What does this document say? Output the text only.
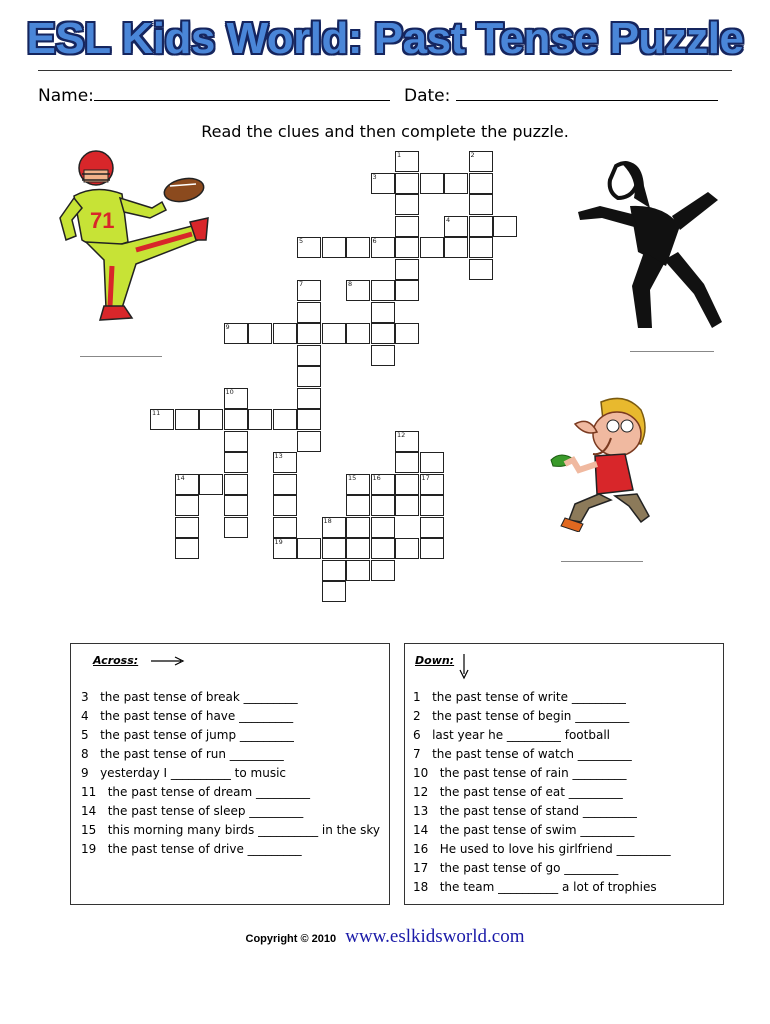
ESL Kids World: Past Tense Puzzle
Name:	Date:
Read the clues and then complete the puzzle.
1	2
3
4
5	6
7	8
9
10
11
12
17
13
19
14	15 16
18
71
Across:
3   the past tense of break _________
4   the past tense of have _________
5   the past tense of jump _________
8   the past tense of run _________
9   yesterday I __________ to music
11   the past tense of dream _________
14   the past tense of sleep _________
15   this morning many birds __________ in the sky
19   the past tense of drive _________
Down:
1   the past tense of write _________
2   the past tense of begin _________
6   last year he _________ football
7   the past tense of watch _________
10   the past tense of rain _________
12   the past tense of eat _________
13   the past tense of stand _________
14   the past tense of swim _________
16   He used to love his girlfriend _________
17   the past tense of go _________
18   the team __________ a lot of trophies
Copyright © 2010 www.eslkidsworld.com
